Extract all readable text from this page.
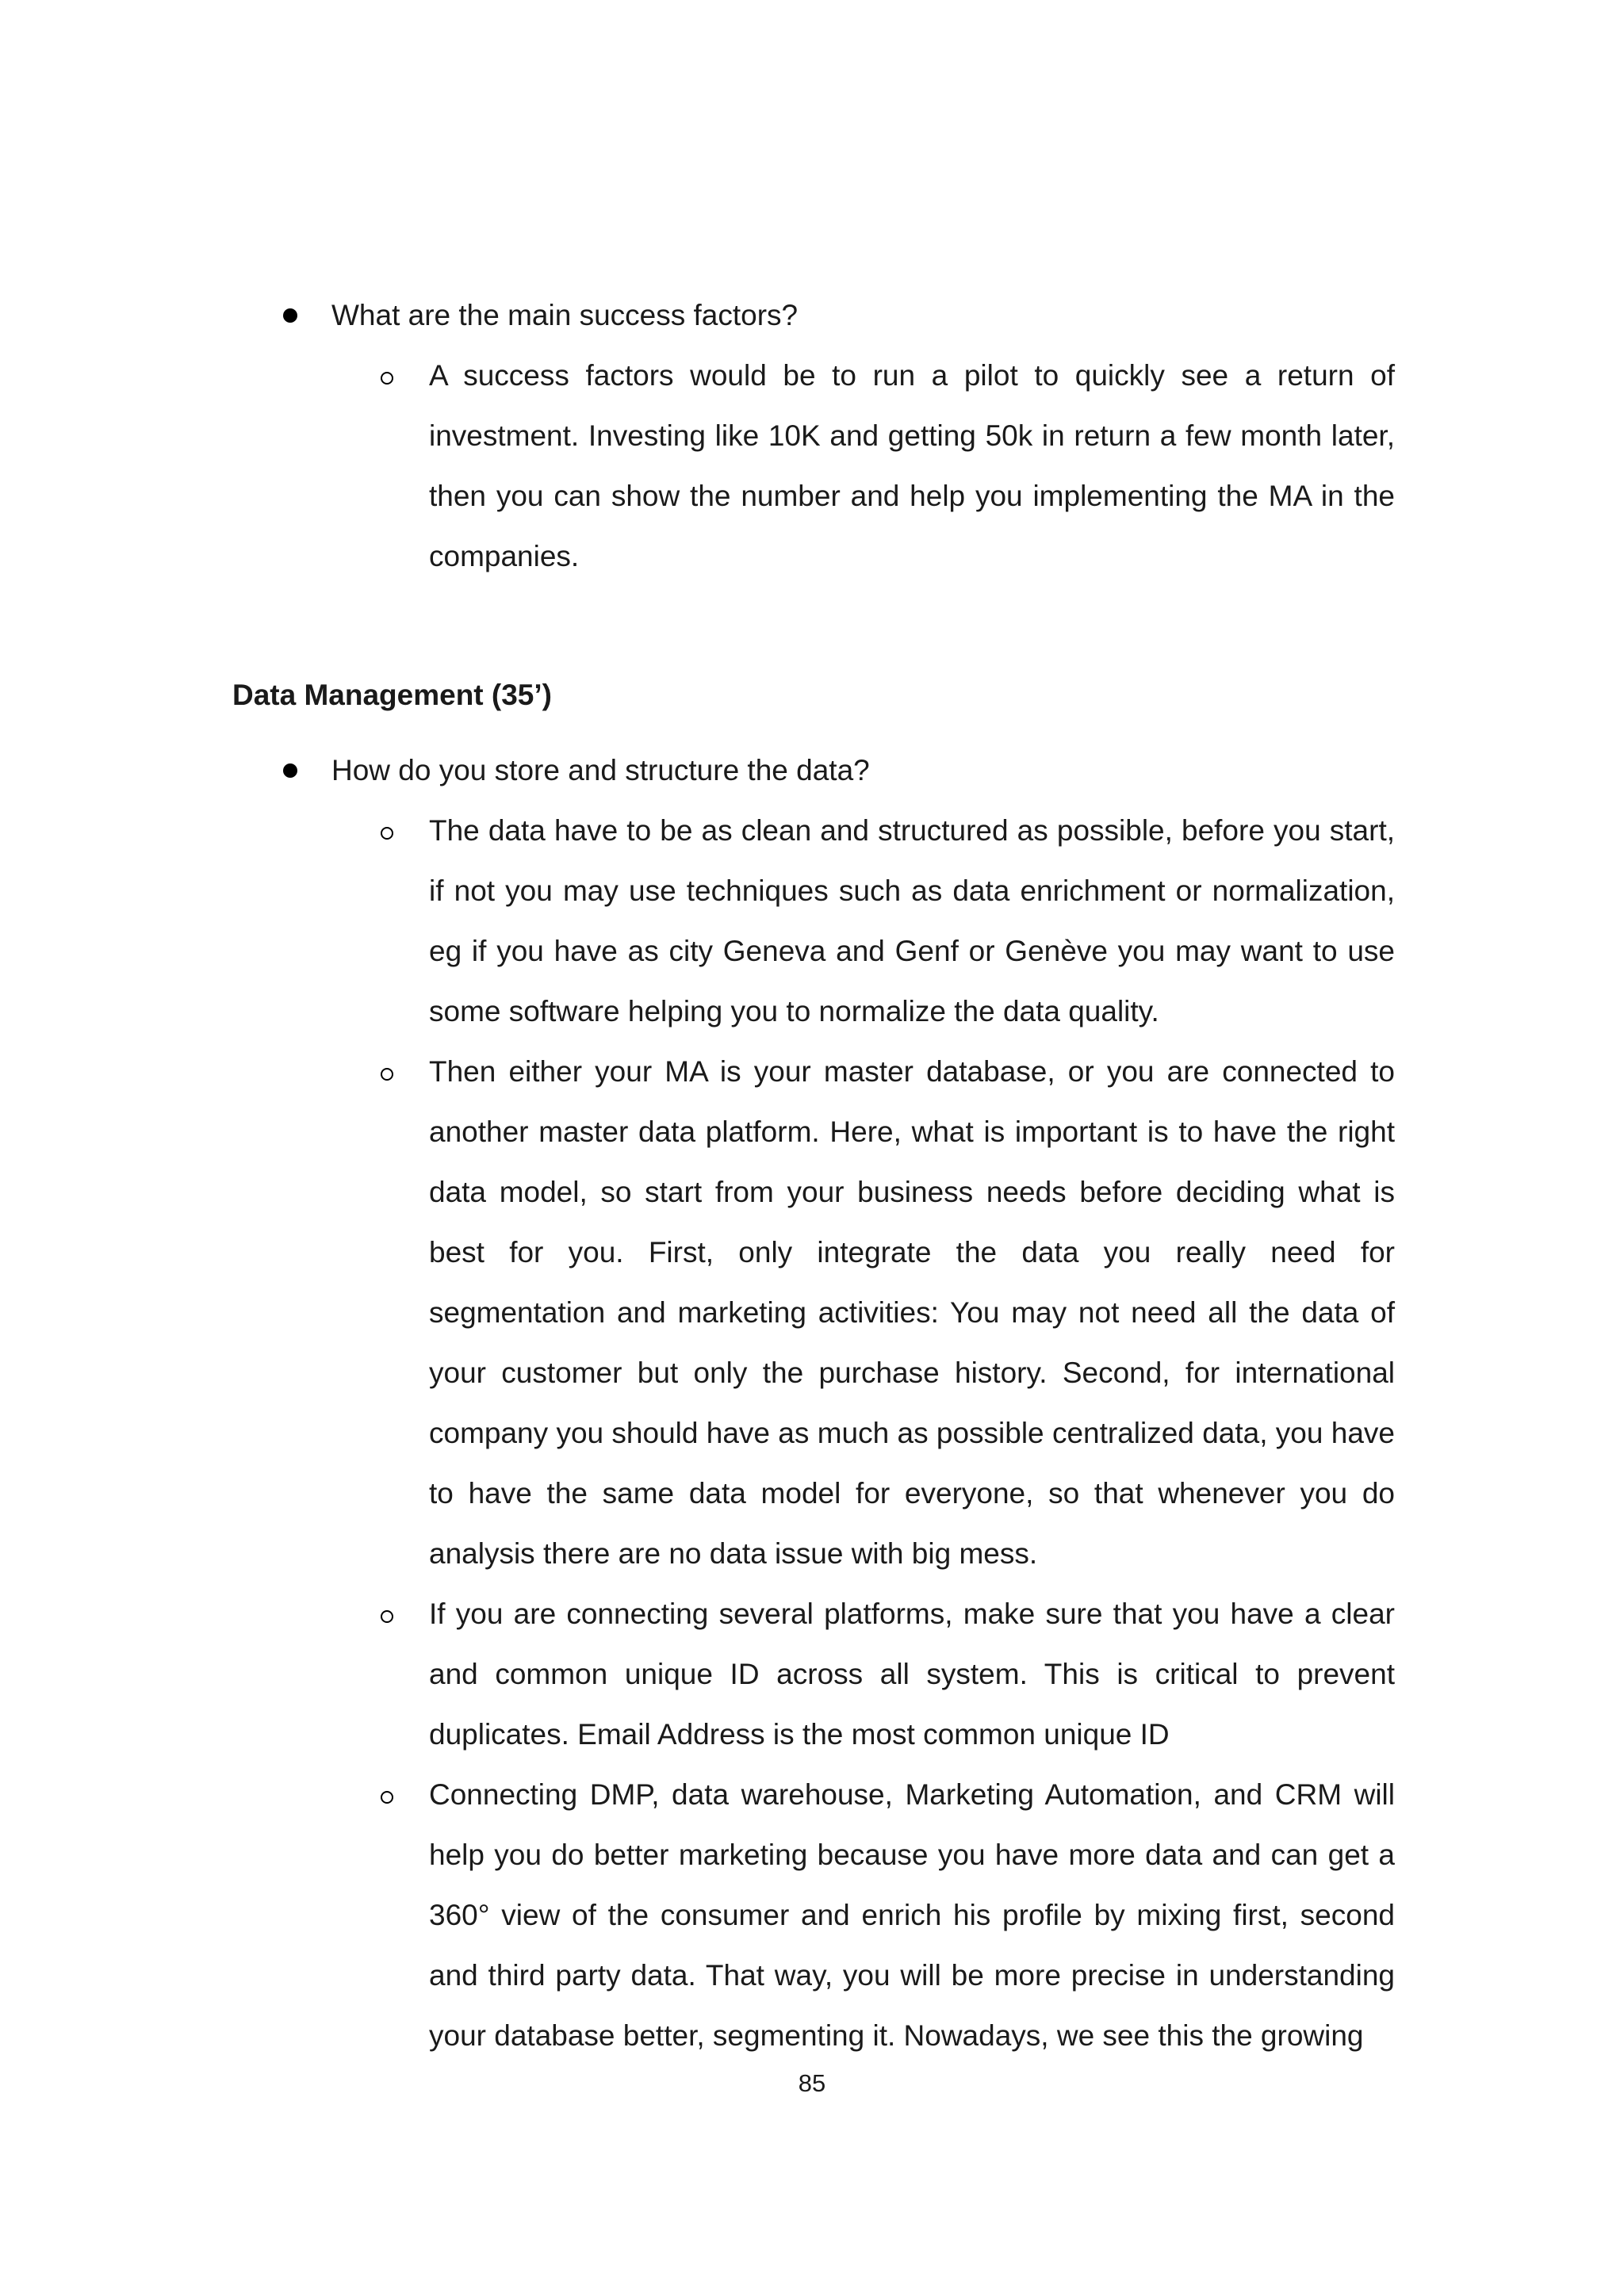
What are the main success factors?

A success factors would be to run a pilot to quickly see a return of investment. Investing like 10K and getting 50k in return a few month later, then you can show the number and help you implementing the MA in the companies.

Data Management (35’)
How do you store and structure the data?

The data have to be as clean and structured as possible, before you start, if not you may use techniques such as data enrichment or normalization, eg if you have as city Geneva and Genf or Genève you may want to use some software helping you to normalize the data quality.

Then either your MA is your master database, or you are connected to another master data platform. Here, what is important is to have the right data model, so start from your business needs before deciding what is best for you. First, only integrate the data you really need for segmentation and marketing activities: You may not need all the data of your customer but only the purchase history. Second, for international company you should have as much as possible centralized data, you have to have the same data model for everyone, so that whenever you do analysis there are no data issue with big mess.

If you are connecting several platforms, make sure that you have a clear and common unique ID across all system. This is critical to prevent duplicates. Email Address is the most common unique ID

Connecting DMP, data warehouse, Marketing Automation, and CRM will help you do better marketing because you have more data and can get a 360° view of the consumer and enrich his profile by mixing first, second and third party data. That way, you will be more precise in understanding your database better, segmenting it. Nowadays, we see this the growing

85
